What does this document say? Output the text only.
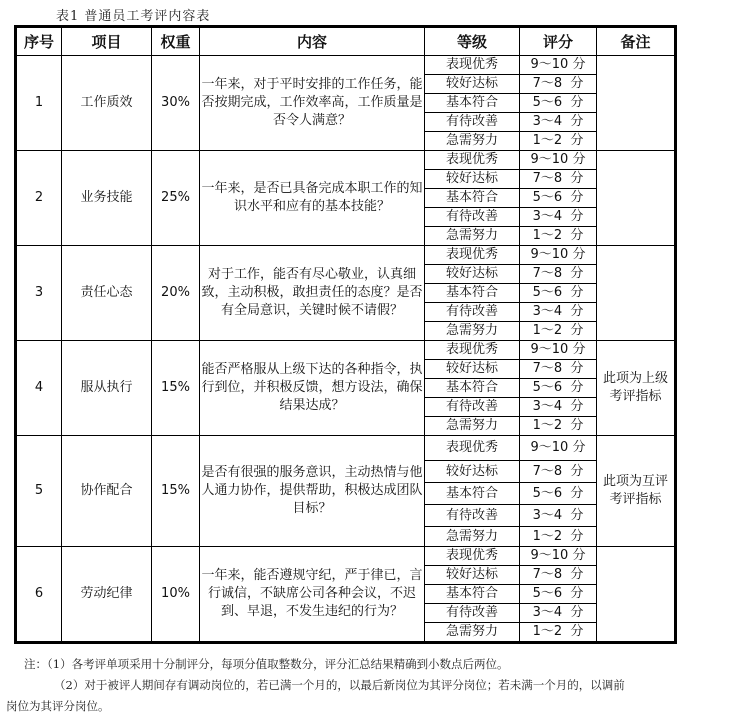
表1 普通员工考评内容表
序号	项目	权重	内容	等级	评分	备注
1	工作质效	30%	一年来，对于平时安排的工作任务，能否按期完成，工作效率高，工作质量是否令人满意？	表现优秀	9～10 分	
				较好达标	7～8  分	
				基本符合	5～6  分	
				有待改善	3～4  分	
				急需努力	1～2  分	
2	业务技能	25%	一年来，是否已具备完成本职工作的知识水平和应有的基本技能？	表现优秀	9～10 分	
				较好达标	7～8  分	
				基本符合	5～6  分	
				有待改善	3～4  分	
				急需努力	1～2  分	
3	责任心态	20%	对于工作，能否有尽心敬业，认真细致，主动积极，敢担责任的态度？是否有全局意识，关键时候不请假？	表现优秀	9～10 分	
				较好达标	7～8  分	
				基本符合	5～6  分	
				有待改善	3～4  分	
				急需努力	1～2  分	
4	服从执行	15%	能否严格服从上级下达的各种指令，执行到位，并积极反馈，想方设法，确保结果达成？	表现优秀	9～10 分	此项为上级考评指标
				较好达标	7～8  分	
				基本符合	5～6  分	
				有待改善	3～4  分	
				急需努力	1～2  分	
5	协作配合	15%	是否有很强的服务意识，主动热情与他人通力协作，提供帮助，积极达成团队目标？	表现优秀	9～10 分	此项为互评考评指标
				较好达标	7～8  分	
				基本符合	5～6  分	
				有待改善	3～4  分	
				急需努力	1～2  分	
6	劳动纪律	10%	一年来，能否遵规守纪，严于律已，言行诚信，不缺席公司各种会议，不迟到、早退，不发生违纪的行为？	表现优秀	9～10 分	
				较好达标	7～8  分	
				基本符合	5～6  分	
				有待改善	3～4  分	
				急需努力	1～2  分	
注：（1）各考评单项采用十分制评分，每项分值取整数分，评分汇总结果精确到小数点后两位。
（2）对于被评人期间存有调动岗位的，若已满一个月的，以最后新岗位为其评分岗位；若未满一个月的，以调前
岗位为其评分岗位。
